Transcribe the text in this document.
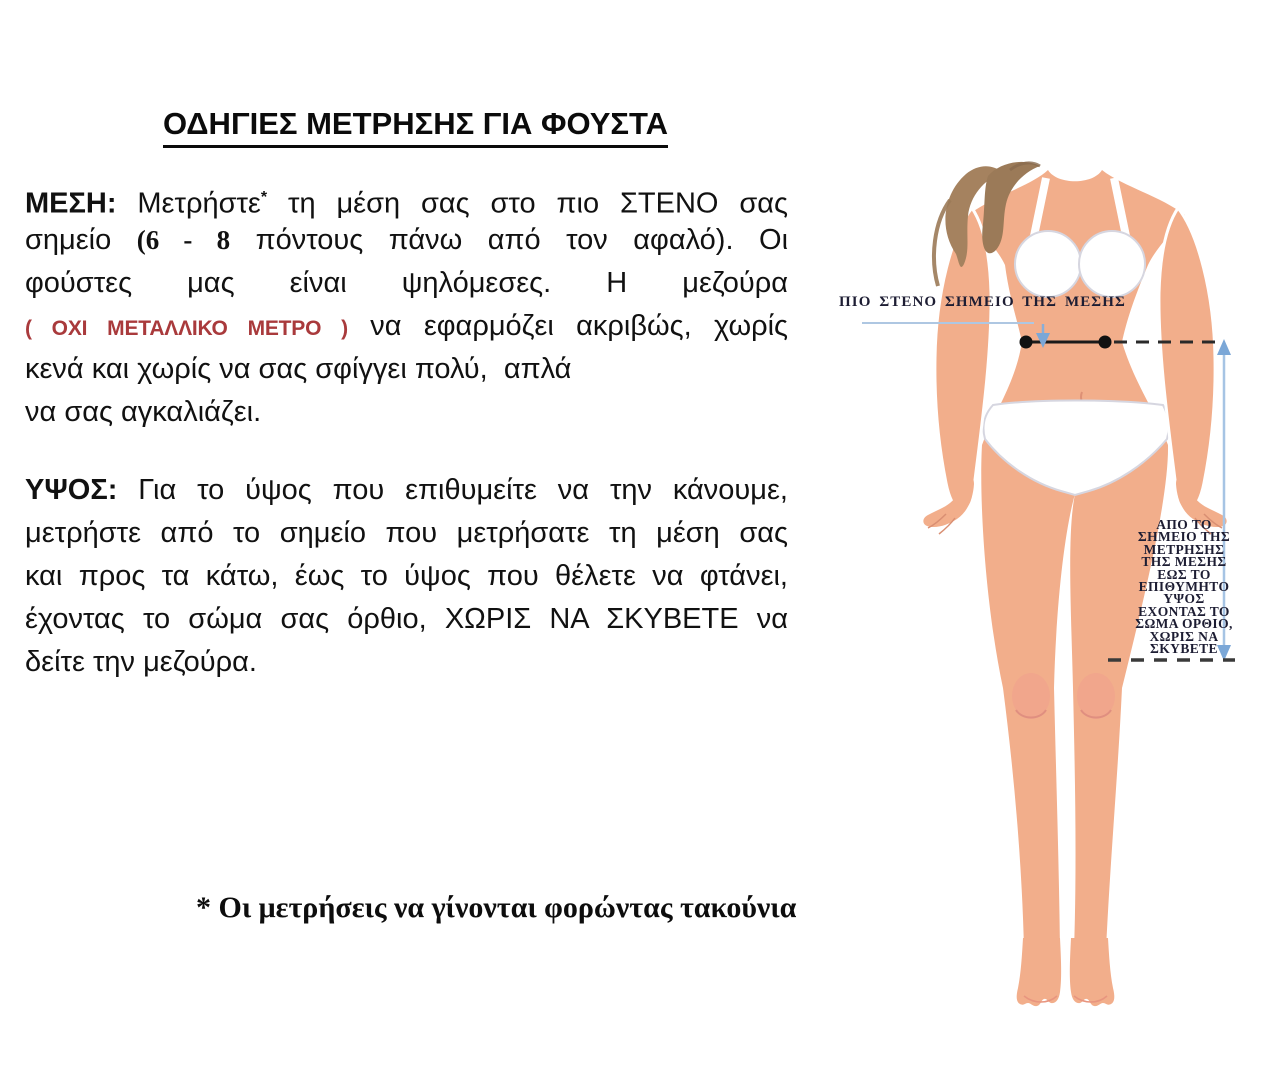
ΟΔΗΓΙΕΣ ΜΕΤΡΗΣΗΣ ΓΙΑ ΦΟΥΣΤΑ
ΜΕΣΗ: Μετρήστε* τη μέση σας στο πιο ΣΤΕΝΟ σας
σημείο (6 - 8 πόντους πάνω από τον αφαλό). Οι
φούστες μας είναι ψηλόμεσες. Η μεζούρα
( ΟΧΙ ΜΕΤΑΛΛΙΚΟ ΜΕΤΡΟ ) να εφαρμόζει ακριβώς, χωρίς
κενά και χωρίς να σας σφίγγει πολύ,  απλά
να σας αγκαλιάζει.
ΥΨΟΣ: Για το ύψος που επιθυμείτε να την κάνουμε,
μετρήστε από το σημείο που μετρήσατε τη μέση σας
και προς τα κάτω, έως το ύψος που θέλετε να φτάνει,
έχοντας το σώμα σας όρθιο, ΧΩΡΙΣ ΝΑ ΣΚΥΒΕΤΕ να
δείτε την μεζούρα.
* Οι μετρήσεις να γίνονται φορώντας τακούνια
ΠΙΟ ΣΤΕΝΟ ΣΗΜΕΙΟ ΤΗΣ ΜΕΣΗΣ
ΑΠΟ ΤΟ
ΣΗΜΕΙΟ ΤΗΣ
ΜΕΤΡΗΣΗΣ
ΤΗΣ ΜΕΣΗΣ
ΕΩΣ ΤΟ
ΕΠΙΘΥΜΗΤΟ
ΥΨΟΣ
ΕΧΟΝΤΑΣ ΤΟ
ΣΩΜΑ ΟΡΘΙΟ,
ΧΩΡΙΣ ΝΑ
ΣΚΥΒΕΤΕ
